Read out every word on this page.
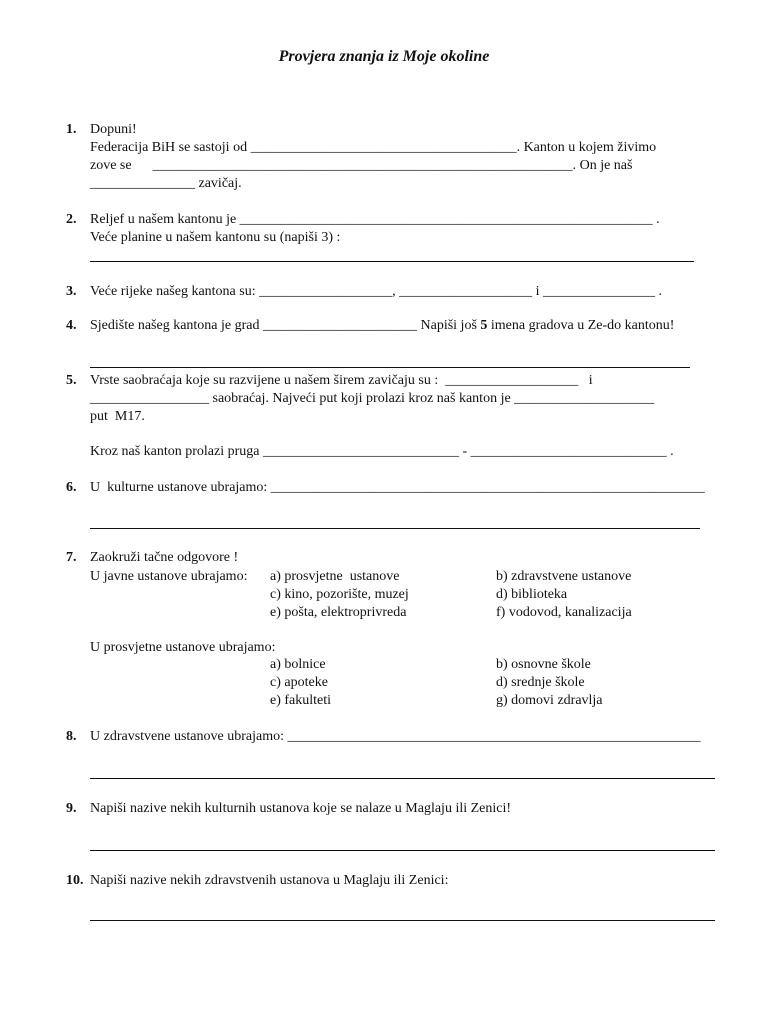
Provjera znanja iz Moje okoline
1. Dopuni!
Federacija BiH se sastoji od ______________________________________. Kanton u kojem živimo
zove se      ____________________________________________________________. On je naš
_______________ zavičaj.
2. Reljef u našem kantonu je ___________________________________________________________ .
Veće planine u našem kantonu su (napiši 3) :
3. Veće rijeke našeg kantona su: ___________________, ___________________ i ________________ .
4. Sjedište našeg kantona je grad ______________________ Napiši još 5 imena gradova u Ze-do kantonu!
5. Vrste saobraćaja koje su razvijene u našem širem zavičaju su :  ___________________   i
_________________ saobraćaj. Najveći put koji prolazi kroz naš kanton je ____________________
put  M17.
Kroz naš kanton prolazi pruga ____________________________ - ____________________________ .
6. U  kulturne ustanove ubrajamo: ______________________________________________________________
7. Zaokruži tačne odgovore !
U javne ustanove ubrajamo: a) prosvjetne  ustanove
c) kino, pozorište, muzej
e) pošta, elektroprivreda
b) zdravstvene ustanove
d) biblioteka
f) vodovod, kanalizacija
U prosvjetne ustanove ubrajamo:
a) bolnice
c) apoteke
e) fakulteti
b) osnovne škole
d) srednje škole
g) domovi zdravlja
8. U zdravstvene ustanove ubrajamo: ___________________________________________________________
9. Napiši nazive nekih kulturnih ustanova koje se nalaze u Maglaju ili Zenici!
10. Napiši nazive nekih zdravstvenih ustanova u Maglaju ili Zenici:
